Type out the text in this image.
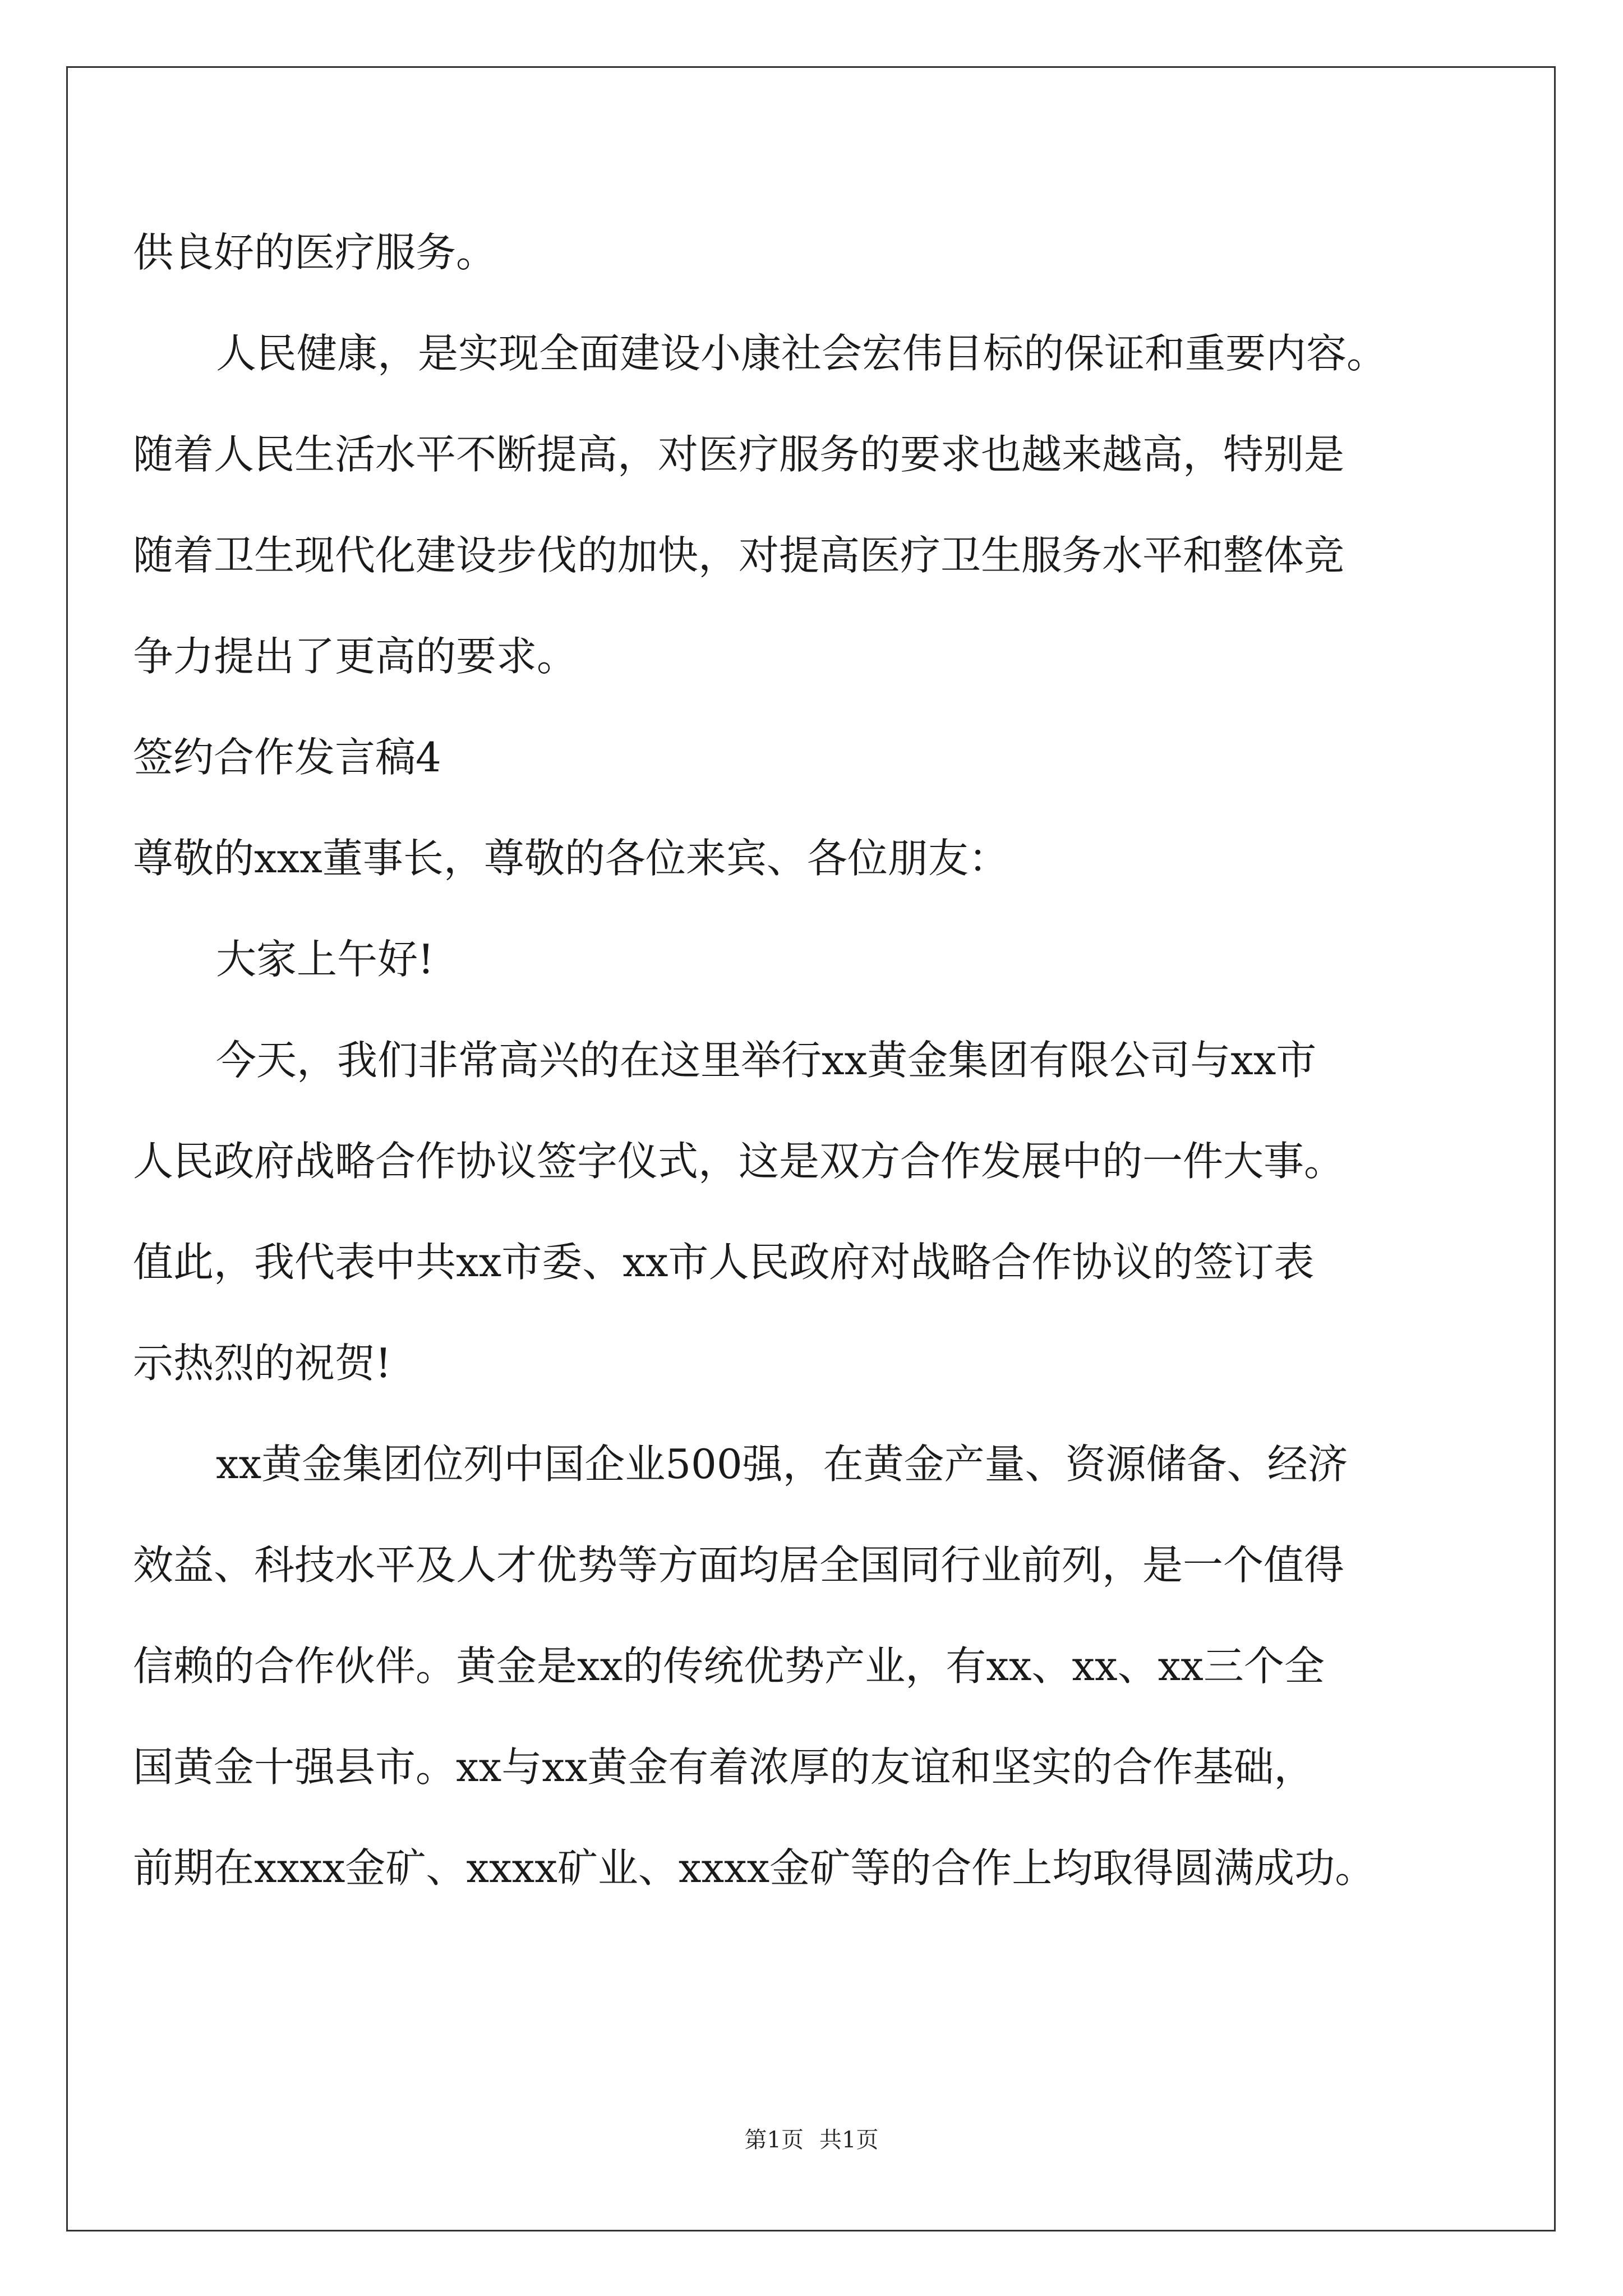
供良好的医疗服务。
人民健康，是实现全面建设小康社会宏伟目标的保证和重要内容。
随着人民生活水平不断提高，对医疗服务的要求也越来越高，特别是
随着卫生现代化建设步伐的加快，对提高医疗卫生服务水平和整体竞
争力提出了更高的要求。
签约合作发言稿4
尊敬的xxx董事长，尊敬的各位来宾、各位朋友：
大家上午好!
今天，我们非常高兴的在这里举行xx黄金集团有限公司与xx市
人民政府战略合作协议签字仪式，这是双方合作发展中的一件大事。
值此，我代表中共xx市委、xx市人民政府对战略合作协议的签订表
示热烈的祝贺!
xx黄金集团位列中国企业500强，在黄金产量、资源储备、经济
效益、科技水平及人才优势等方面均居全国同行业前列，是一个值得
信赖的合作伙伴。黄金是xx的传统优势产业，有xx、xx、xx三个全
国黄金十强县市。xx与xx黄金有着浓厚的友谊和坚实的合作基础，
前期在xxxx金矿、xxxx矿业、xxxx金矿等的合作上均取得圆满成功。
第1页 共1页
